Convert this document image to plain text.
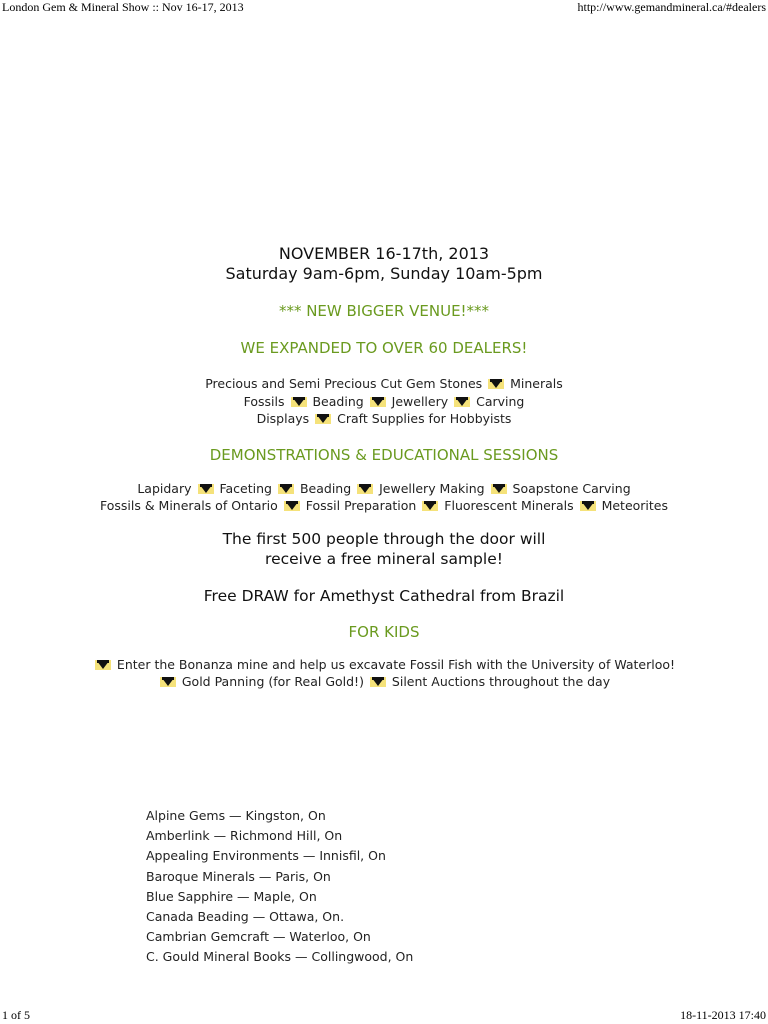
London Gem & Mineral Show :: Nov 16-17, 2013	http://www.gemandmineral.ca/#dealers
NOVEMBER 16-17th, 2013
Saturday 9am-6pm, Sunday 10am-5pm
*** NEW BIGGER VENUE!***
WE EXPANDED TO OVER 60 DEALERS!
Precious and Semi Precious Cut Gem Stones Minerals
Fossils Beading Jewellery Carving
Displays Craft Supplies for Hobbyists
DEMONSTRATIONS & EDUCATIONAL SESSIONS
Lapidary Faceting Beading Jewellery Making Soapstone Carving
Fossils & Minerals of Ontario Fossil Preparation Fluorescent Minerals Meteorites
The first 500 people through the door will
receive a free mineral sample!
Free DRAW for Amethyst Cathedral from Brazil
FOR KIDS
Enter the Bonanza mine and help us excavate Fossil Fish with the University of Waterloo!
Gold Panning (for Real Gold!) Silent Auctions throughout the day
Alpine Gems — Kingston, On
Amberlink — Richmond Hill, On
Appealing Environments — Innisfil, On
Baroque Minerals — Paris, On
Blue Sapphire — Maple, On
Canada Beading — Ottawa, On.
Cambrian Gemcraft — Waterloo, On
C. Gould Mineral Books — Collingwood, On
1 of 5	18-11-2013 17:40
